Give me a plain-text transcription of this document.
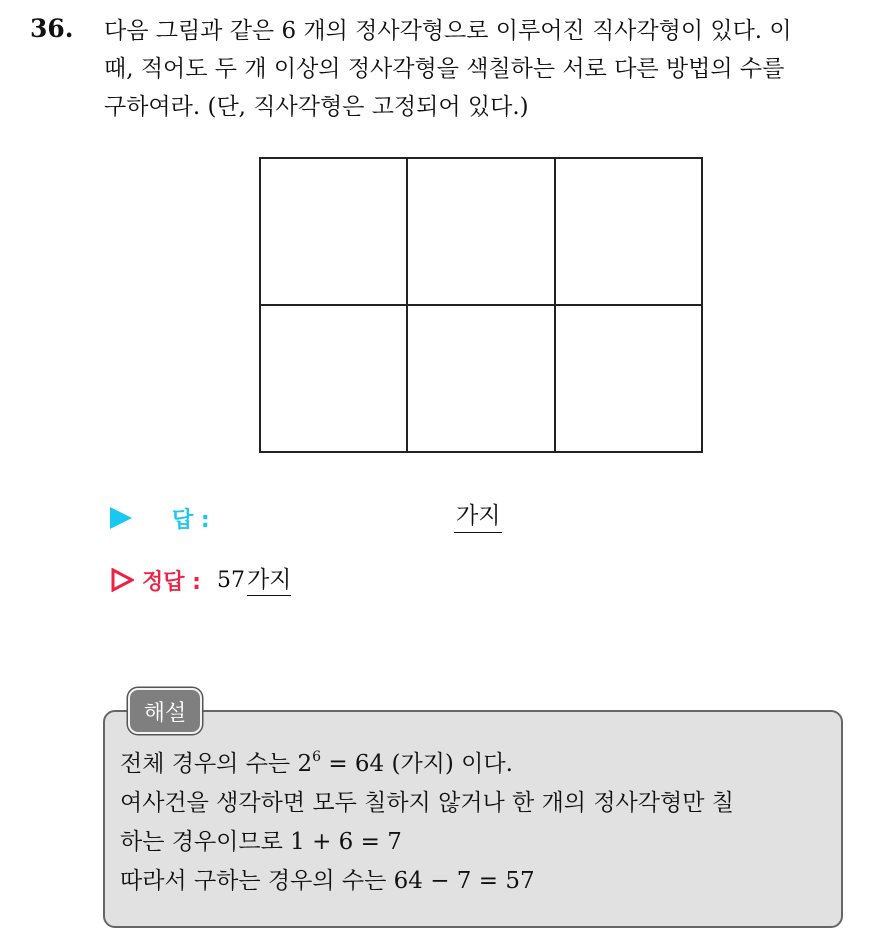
36. 다음 그림과 같은 6 개의 정사각형으로 이루어진 직사각형이 있다. 이
때, 적어도 두 개 이상의 정사각형을 색칠하는 서로 다른 방법의 수를
구하여라. (단, 직사각형은 고정되어 있다.)
답 :	가지
정답 : 57 가지
해설
전체 경우의 수는 $2^6 = 64$ (가지) 이다.
여사건을 생각하면 모두 칠하지 않거나 한 개의 정사각형만 칠
하는 경우이므로 1 + 6 = 7
따라서 구하는 경우의 수는 64 − 7 = 57
